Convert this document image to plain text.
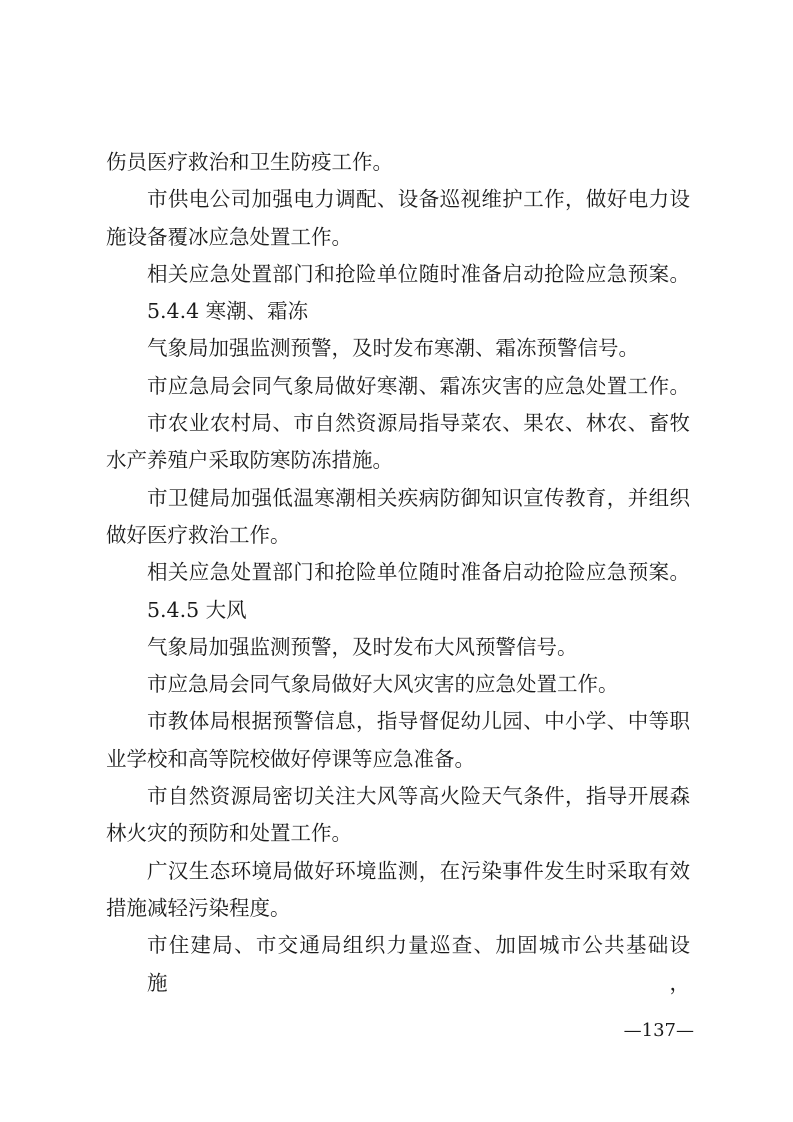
伤员医疗救治和卫生防疫工作。
市供电公司加强电力调配、设备巡视维护工作，做好电力设
施设备覆冰应急处置工作。
相关应急处置部门和抢险单位随时准备启动抢险应急预案。
5.4.4 寒潮、霜冻
气象局加强监测预警，及时发布寒潮、霜冻预警信号。
市应急局会同气象局做好寒潮、霜冻灾害的应急处置工作。
市农业农村局、市自然资源局指导菜农、果农、林农、畜牧
水产养殖户采取防寒防冻措施。
市卫健局加强低温寒潮相关疾病防御知识宣传教育，并组织
做好医疗救治工作。
相关应急处置部门和抢险单位随时准备启动抢险应急预案。
5.4.5 大风
气象局加强监测预警，及时发布大风预警信号。
市应急局会同气象局做好大风灾害的应急处置工作。
市教体局根据预警信息，指导督促幼儿园、中小学、中等职
业学校和高等院校做好停课等应急准备。
市自然资源局密切关注大风等高火险天气条件，指导开展森
林火灾的预防和处置工作。
广汉生态环境局做好环境监测，在污染事件发生时采取有效
措施减轻污染程度。
市住建局、市交通局组织力量巡查、加固城市公共基础设施，
—137—
